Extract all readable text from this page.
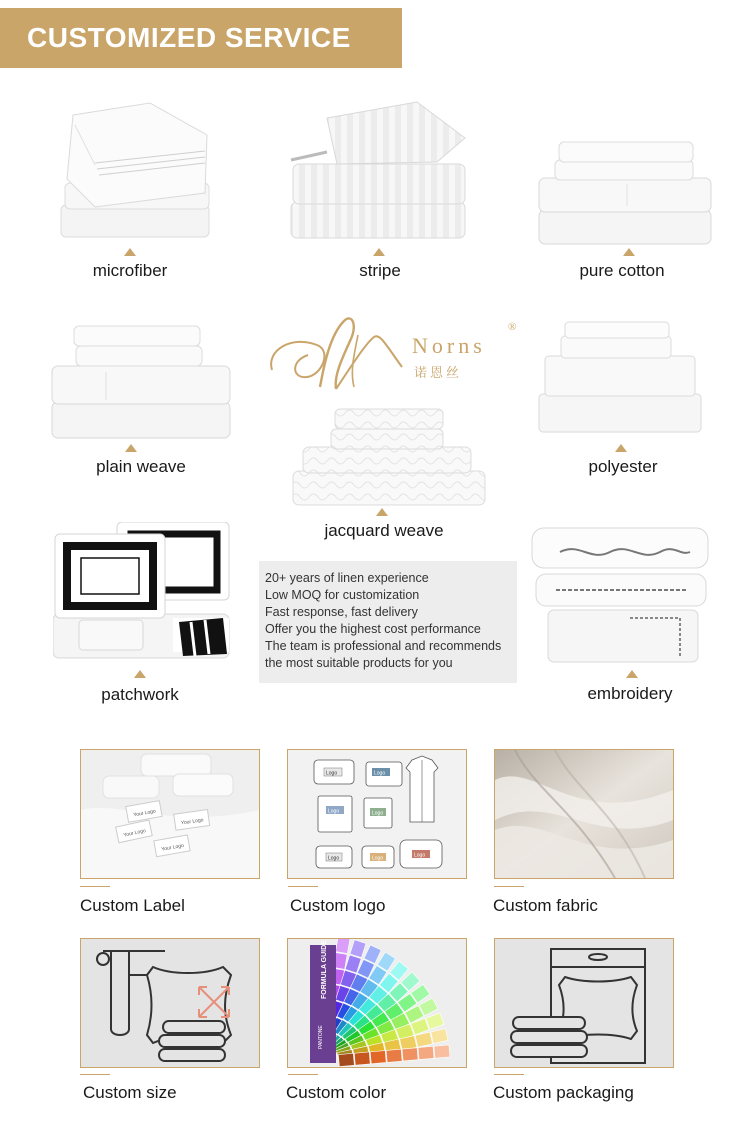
CUSTOMIZED SERVICE
microfiber	stripe	pure cotton
plain weave
Norns
®
诺恩丝
jacquard weave
polyester
patchwork
20+ years of linen experience
Low MOQ for customization
Fast response, fast delivery
Offer you the highest cost performance
The team is professional and recommends
the most suitable products for you
embroidery
Your Logo
Your Logo
Your Logo
Your Logo
Custom Label
Logo	Logo
Logo	Logo
Logo	Logo	Logo
Custom logo	Custom fabric
Custom size
FORMULA GUIDE
PANTONE
Custom color	Custom packaging
